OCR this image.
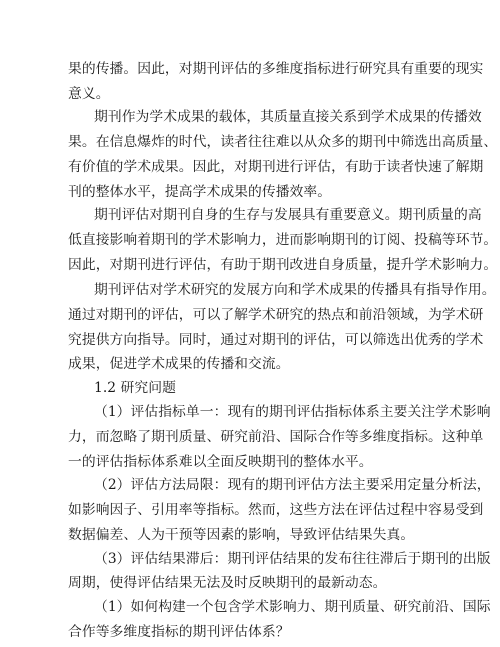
果的传播。因此，对期刊评估的多维度指标进行研究具有重要的现实

意义。

期刊作为学术成果的载体，其质量直接关系到学术成果的传播效

果。在信息爆炸的时代，读者往往难以从众多的期刊中筛选出高质量、

有价值的学术成果。因此，对期刊进行评估，有助于读者快速了解期

刊的整体水平，提高学术成果的传播效率。

期刊评估对期刊自身的生存与发展具有重要意义。期刊质量的高

低直接影响着期刊的学术影响力，进而影响期刊的订阅、投稿等环节。

因此，对期刊进行评估，有助于期刊改进自身质量，提升学术影响力。

期刊评估对学术研究的发展方向和学术成果的传播具有指导作用。

通过对期刊的评估，可以了解学术研究的热点和前沿领域，为学术研

究提供方向指导。同时，通过对期刊的评估，可以筛选出优秀的学术

成果，促进学术成果的传播和交流。

1.2 研究问题

（1）评估指标单一：现有的期刊评估指标体系主要关注学术影响

力，而忽略了期刊质量、研究前沿、国际合作等多维度指标。这种单

一的评估指标体系难以全面反映期刊的整体水平。

（2）评估方法局限：现有的期刊评估方法主要采用定量分析法，

如影响因子、引用率等指标。然而，这些方法在评估过程中容易受到

数据偏差、人为干预等因素的影响，导致评估结果失真。

（3）评估结果滞后：期刊评估结果的发布往往滞后于期刊的出版

周期，使得评估结果无法及时反映期刊的最新动态。

（1）如何构建一个包含学术影响力、期刊质量、研究前沿、国际

合作等多维度指标的期刊评估体系？
